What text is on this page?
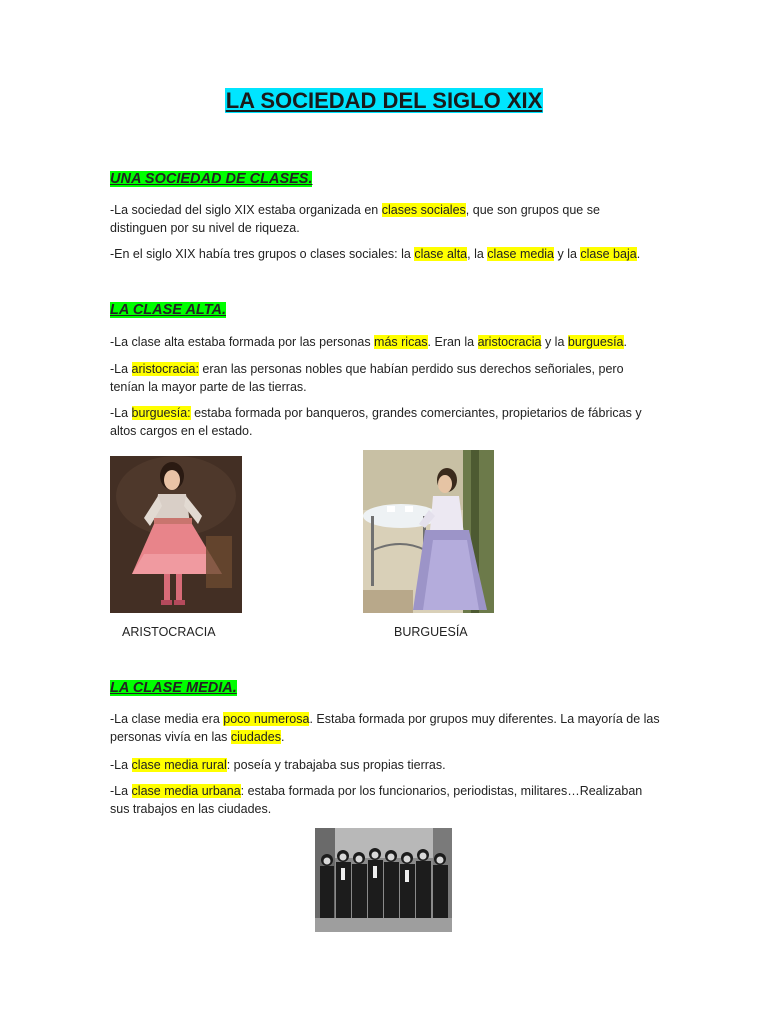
LA SOCIEDAD DEL SIGLO XIX
UNA SOCIEDAD DE CLASES.
-La sociedad del siglo XIX estaba organizada en clases sociales, que son grupos que se distinguen por su nivel de riqueza.
-En el siglo XIX había tres grupos o clases sociales: la clase alta, la clase media y la clase baja.
LA CLASE ALTA.
-La clase alta estaba formada por las personas más ricas. Eran la aristocracia y la burguesía.
-La aristocracia: eran las personas nobles que habían perdido sus derechos señoriales, pero tenían la mayor parte de las tierras.
-La burguesía: estaba formada por banqueros, grandes comerciantes, propietarios de fábricas y altos cargos en el estado.
ARISTOCRACIA	BURGUESÍA
LA CLASE MEDIA.
-La clase media era poco numerosa. Estaba formada por grupos muy diferentes. La mayoría de las personas vivía en las ciudades.
-La clase media rural: poseía y trabajaba sus propias tierras.
-La clase media urbana: estaba formada por los funcionarios, periodistas, militares…Realizaban sus trabajos en las ciudades.
